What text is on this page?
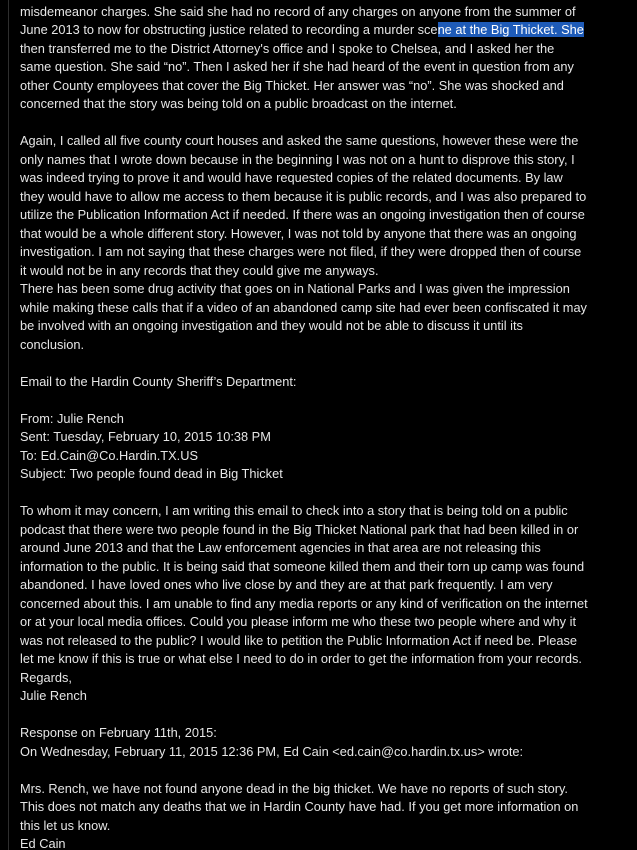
misdemeanor charges. She said she had no record of any charges on anyone from the summer of
June 2013 to now for obstructing justice related to recording a murder scene at the Big Thicket. She
then transferred me to the District Attorney's office and I spoke to Chelsea, and I asked her the
same question. She said “no”. Then I asked her if she had heard of the event in question from any
other County employees that cover the Big Thicket. Her answer was “no”. She was shocked and
concerned that the story was being told on a public broadcast on the internet.
Again, I called all five county court houses and asked the same questions, however these were the
only names that I wrote down because in the beginning I was not on a hunt to disprove this story, I
was indeed trying to prove it and would have requested copies of the related documents. By law
they would have to allow me access to them because it is public records, and I was also prepared to
utilize the Publication Information Act if needed. If there was an ongoing investigation then of course
that would be a whole different story. However, I was not told by anyone that there was an ongoing
investigation. I am not saying that these charges were not filed, if they were dropped then of course
it would not be in any records that they could give me anyways.
There has been some drug activity that goes on in National Parks and I was given the impression
while making these calls that if a video of an abandoned camp site had ever been confiscated it may
be involved with an ongoing investigation and they would not be able to discuss it until its
conclusion.
Email to the Hardin County Sheriff’s Department:
From: Julie Rench
Sent: Tuesday, February 10, 2015 10:38 PM
To: Ed.Cain@Co.Hardin.TX.US
Subject: Two people found dead in Big Thicket
To whom it may concern, I am writing this email to check into a story that is being told on a public
podcast that there were two people found in the Big Thicket National park that had been killed in or
around June 2013 and that the Law enforcement agencies in that area are not releasing this
information to the public. It is being said that someone killed them and their torn up camp was found
abandoned. I have loved ones who live close by and they are at that park frequently. I am very
concerned about this. I am unable to find any media reports or any kind of verification on the internet
or at your local media offices. Could you please inform me who these two people where and why it
was not released to the public? I would like to petition the Public Information Act if need be. Please
let me know if this is true or what else I need to do in order to get the information from your records.
Regards,
Julie Rench
Response on February 11th, 2015:
On Wednesday, February 11, 2015 12:36 PM, Ed Cain <ed.cain@co.hardin.tx.us> wrote:
Mrs. Rench, we have not found anyone dead in the big thicket. We have no reports of such story.
This does not match any deaths that we in Hardin County have had. If you get more information on
this let us know.
Ed Cain
